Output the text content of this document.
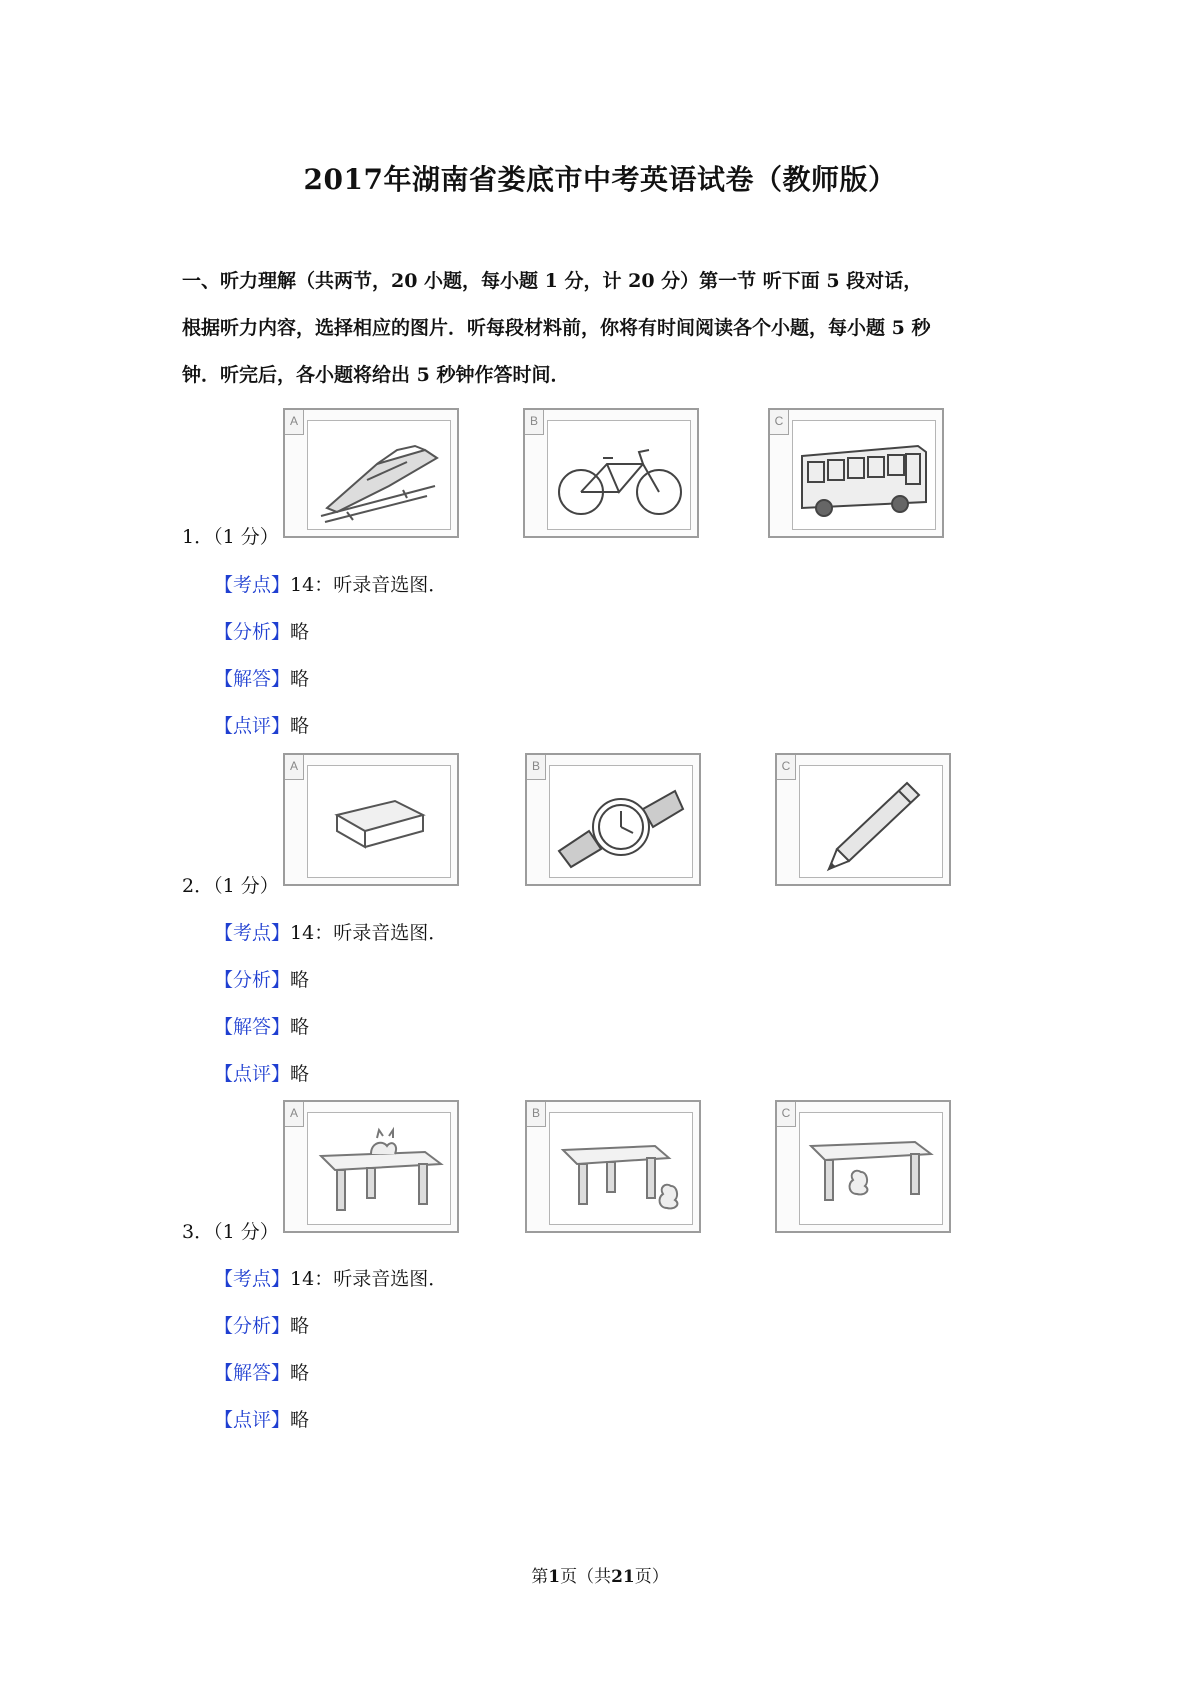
2017年湖南省娄底市中考英语试卷（教师版）

一、听力理解（共两节，20 小题，每小题 1 分，计 20 分）第一节 听下面 5 段对话，

根据听力内容，选择相应的图片．听每段材料前，你将有时间阅读各个小题，每小题 5 秒

钟．听完后，各小题将给出 5 秒钟作答时间．

A	B	C
1．（1 分）
【考点】14：听录音选图．
【分析】略
【解答】略
【点评】略
A	B	C
2．（1 分）
【考点】14：听录音选图．
【分析】略
【解答】略
【点评】略
A	B	C
3．（1 分）
【考点】14：听录音选图．
【分析】略
【解答】略
【点评】略
第1页（共21页）
